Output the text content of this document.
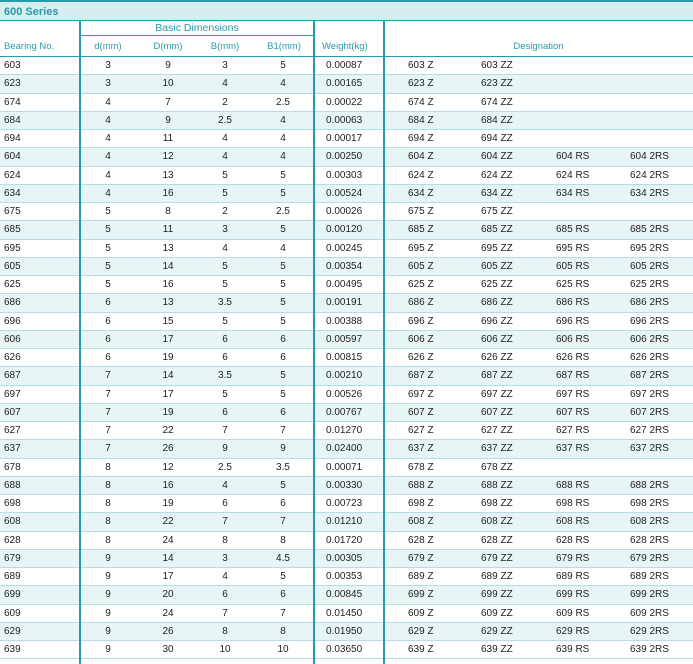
600 Series
Bearing No.
Basic Dimensions
d(mm)	D(mm)	B(mm)	B1(mm)	Weight(kg)	Designation
603	3	9	3	5	0.00087	603 Z	603 ZZ
623	3	10	4	4	0.00165	623 Z	623 ZZ
674	4	7	2	2.5	0.00022	674 Z	674 ZZ
684	4	9	2.5	4	0.00063	684 Z	684 ZZ
694	4	11	4	4	0.00017	694 Z	694 ZZ
604	4	12	4	4	0.00250	604 Z	604 ZZ	604 RS	604 2RS
624	4	13	5	5	0.00303	624 Z	624 ZZ	624 RS	624 2RS
634	4	16	5	5	0.00524	634 Z	634 ZZ	634 RS	634 2RS
675	5	8	2	2.5	0.00026	675 Z	675 ZZ
685	5	11	3	5	0.00120	685 Z	685 ZZ	685 RS	685 2RS
695	5	13	4	4	0.00245	695 Z	695 ZZ	695 RS	695 2RS
605	5	14	5	5	0.00354	605 Z	605 ZZ	605 RS	605 2RS
625	5	16	5	5	0.00495	625 Z	625 ZZ	625 RS	625 2RS
686	6	13	3.5	5	0.00191	686 Z	686 ZZ	686 RS	686 2RS
696	6	15	5	5	0.00388	696 Z	696 ZZ	696 RS	696 2RS
606	6	17	6	6	0.00597	606 Z	606 ZZ	606 RS	606 2RS
626	6	19	6	6	0.00815	626 Z	626 ZZ	626 RS	626 2RS
687	7	14	3.5	5	0.00210	687 Z	687 ZZ	687 RS	687 2RS
697	7	17	5	5	0.00526	697 Z	697 ZZ	697 RS	697 2RS
607	7	19	6	6	0.00767	607 Z	607 ZZ	607 RS	607 2RS
627	7	22	7	7	0.01270	627 Z	627 ZZ	627 RS	627 2RS
637	7	26	9	9	0.02400	637 Z	637 ZZ	637 RS	637 2RS
678	8	12	2.5	3.5	0.00071	678 Z	678 ZZ
688	8	16	4	5	0.00330	688 Z	688 ZZ	688 RS	688 2RS
698	8	19	6	6	0.00723	698 Z	698 ZZ	698 RS	698 2RS
608	8	22	7	7	0.01210	608 Z	608 ZZ	608 RS	608 2RS
628	8	24	8	8	0.01720	628 Z	628 ZZ	628 RS	628 2RS
679	9	14	3	4.5	0.00305	679 Z	679 ZZ	679 RS	679 2RS
689	9	17	4	5	0.00353	689 Z	689 ZZ	689 RS	689 2RS
699	9	20	6	6	0.00845	699 Z	699 ZZ	699 RS	699 2RS
609	9	24	7	7	0.01450	609 Z	609 ZZ	609 RS	609 2RS
629	9	26	8	8	0.01950	629 Z	629 ZZ	629 RS	629 2RS
639	9	30	10	10	0.03650	639 Z	639 ZZ	639 RS	639 2RS
